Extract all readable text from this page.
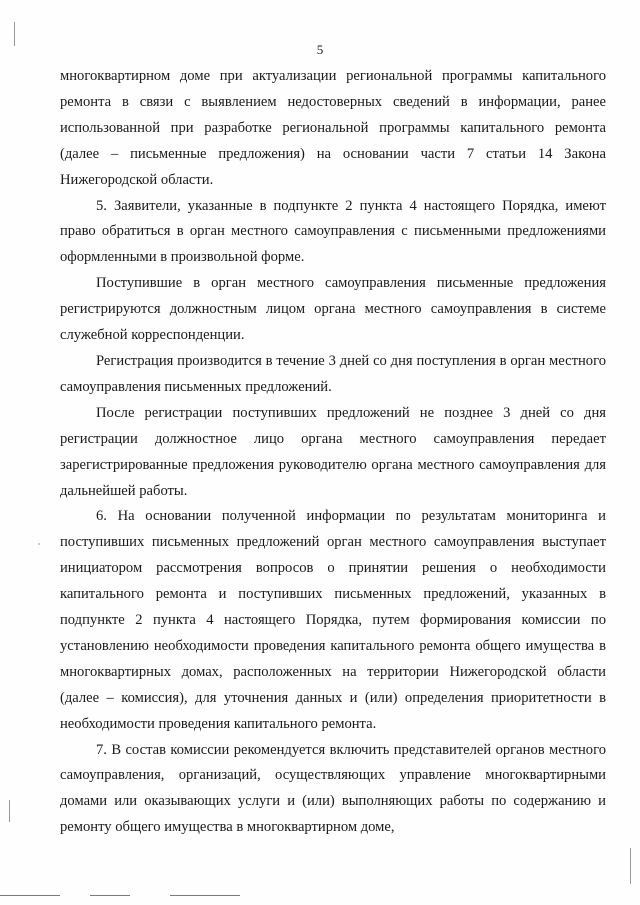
5

многоквартирном доме при актуализации региональной программы капитального ремонта в связи с выявлением недостоверных сведений в информации, ранее использованной при разработке региональной программы капитального ремонта (далее – письменные предложения) на основании части 7 статьи 14 Закона Нижегородской области.

5. Заявители, указанные в подпункте 2 пункта 4 настоящего Порядка, имеют право обратиться в орган местного самоуправления с письменными предложениями оформленными в произвольной форме.

Поступившие в орган местного самоуправления письменные предложения регистрируются должностным лицом органа местного самоуправления в системе служебной корреспонденции.

Регистрация производится в течение 3 дней со дня поступления в орган местного самоуправления письменных предложений.

После регистрации поступивших предложений не позднее 3 дней со дня регистрации должностное лицо органа местного самоуправления передает зарегистрированные предложения руководителю органа местного самоуправления для дальнейшей работы.

6. На основании полученной информации по результатам мониторинга и поступивших письменных предложений орган местного самоуправления выступает инициатором рассмотрения вопросов о принятии решения о необходимости капитального ремонта и поступивших письменных предложений, указанных в подпункте 2 пункта 4 настоящего Порядка, путем формирования комиссии по установлению необходимости проведения капитального ремонта общего имущества в многоквартирных домах, расположенных на территории Нижегородской области (далее – комиссия), для уточнения данных и (или) определения приоритетности в необходимости проведения капитального ремонта.

7. В состав комиссии рекомендуется включить представителей органов местного самоуправления, организаций, осуществляющих управление многоквартирными домами или оказывающих услуги и (или) выполняющих работы по содержанию и ремонту общего имущества в многоквартирном доме,
